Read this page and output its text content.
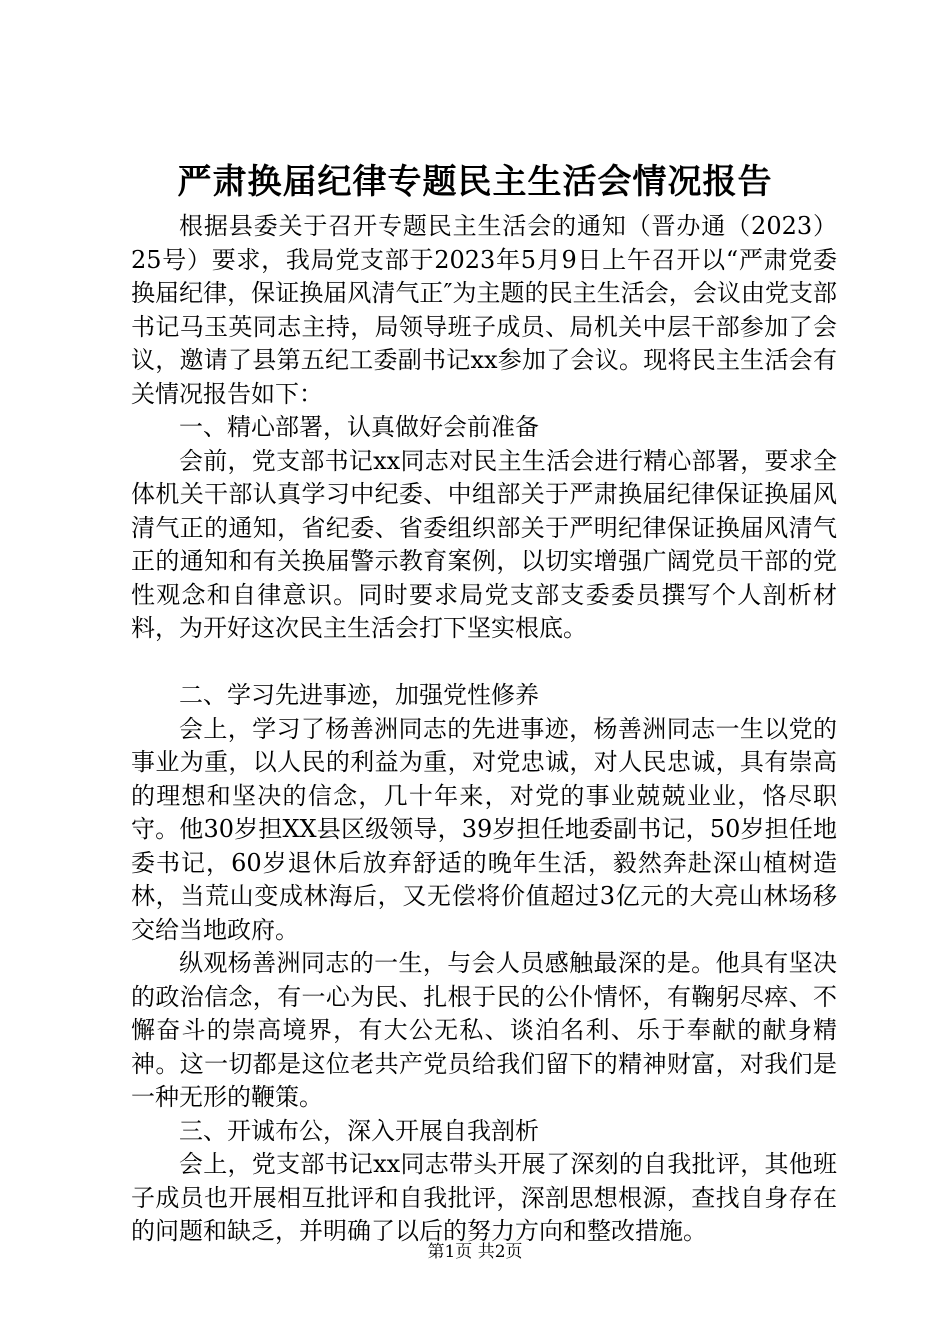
严肃换届纪律专题民主生活会情况报告

根据县委关于召开专题民主生活会的通知（晋办通（2023）25号）要求，我局党支部于2023年5月9日上午召开以“严肃党委换届纪律，保证换届风清气正″为主题的民主生活会，会议由党支部书记马玉英同志主持，局领导班子成员、局机关中层干部参加了会议，邀请了县第五纪工委副书记xx参加了会议。现将民主生活会有关情况报告如下：

一、精心部署，认真做好会前准备

会前，党支部书记xx同志对民主生活会进行精心部署，要求全体机关干部认真学习中纪委、中组部关于严肃换届纪律保证换届风清气正的通知，省纪委、省委组织部关于严明纪律保证换届风清气正的通知和有关换届警示教育案例，以切实增强广阔党员干部的党性观念和自律意识。同时要求局党支部支委委员撰写个人剖析材料，为开好这次民主生活会打下坚实根底。

二、学习先进事迹，加强党性修养

会上，学习了杨善洲同志的先进事迹，杨善洲同志一生以党的事业为重，以人民的利益为重，对党忠诚，对人民忠诚，具有崇高的理想和坚决的信念，几十年来，对党的事业兢兢业业，恪尽职守。他30岁担XX县区级领导，39岁担任地委副书记，50岁担任地委书记，60岁退休后放弃舒适的晚年生活，毅然奔赴深山植树造林，当荒山变成林海后，又无偿将价值超过3亿元的大亮山林场移交给当地政府。

纵观杨善洲同志的一生，与会人员感触最深的是。他具有坚决的政治信念，有一心为民、扎根于民的公仆情怀，有鞠躬尽瘁、不懈奋斗的崇高境界，有大公无私、谈泊名利、乐于奉献的献身精神。这一切都是这位老共产党员给我们留下的精神财富，对我们是一种无形的鞭策。

三、开诚布公，深入开展自我剖析

会上，党支部书记xx同志带头开展了深刻的自我批评，其他班子成员也开展相互批评和自我批评，深剖思想根源，查找自身存在的问题和缺乏，并明确了以后的努力方向和整改措施。

第1页 共2页
